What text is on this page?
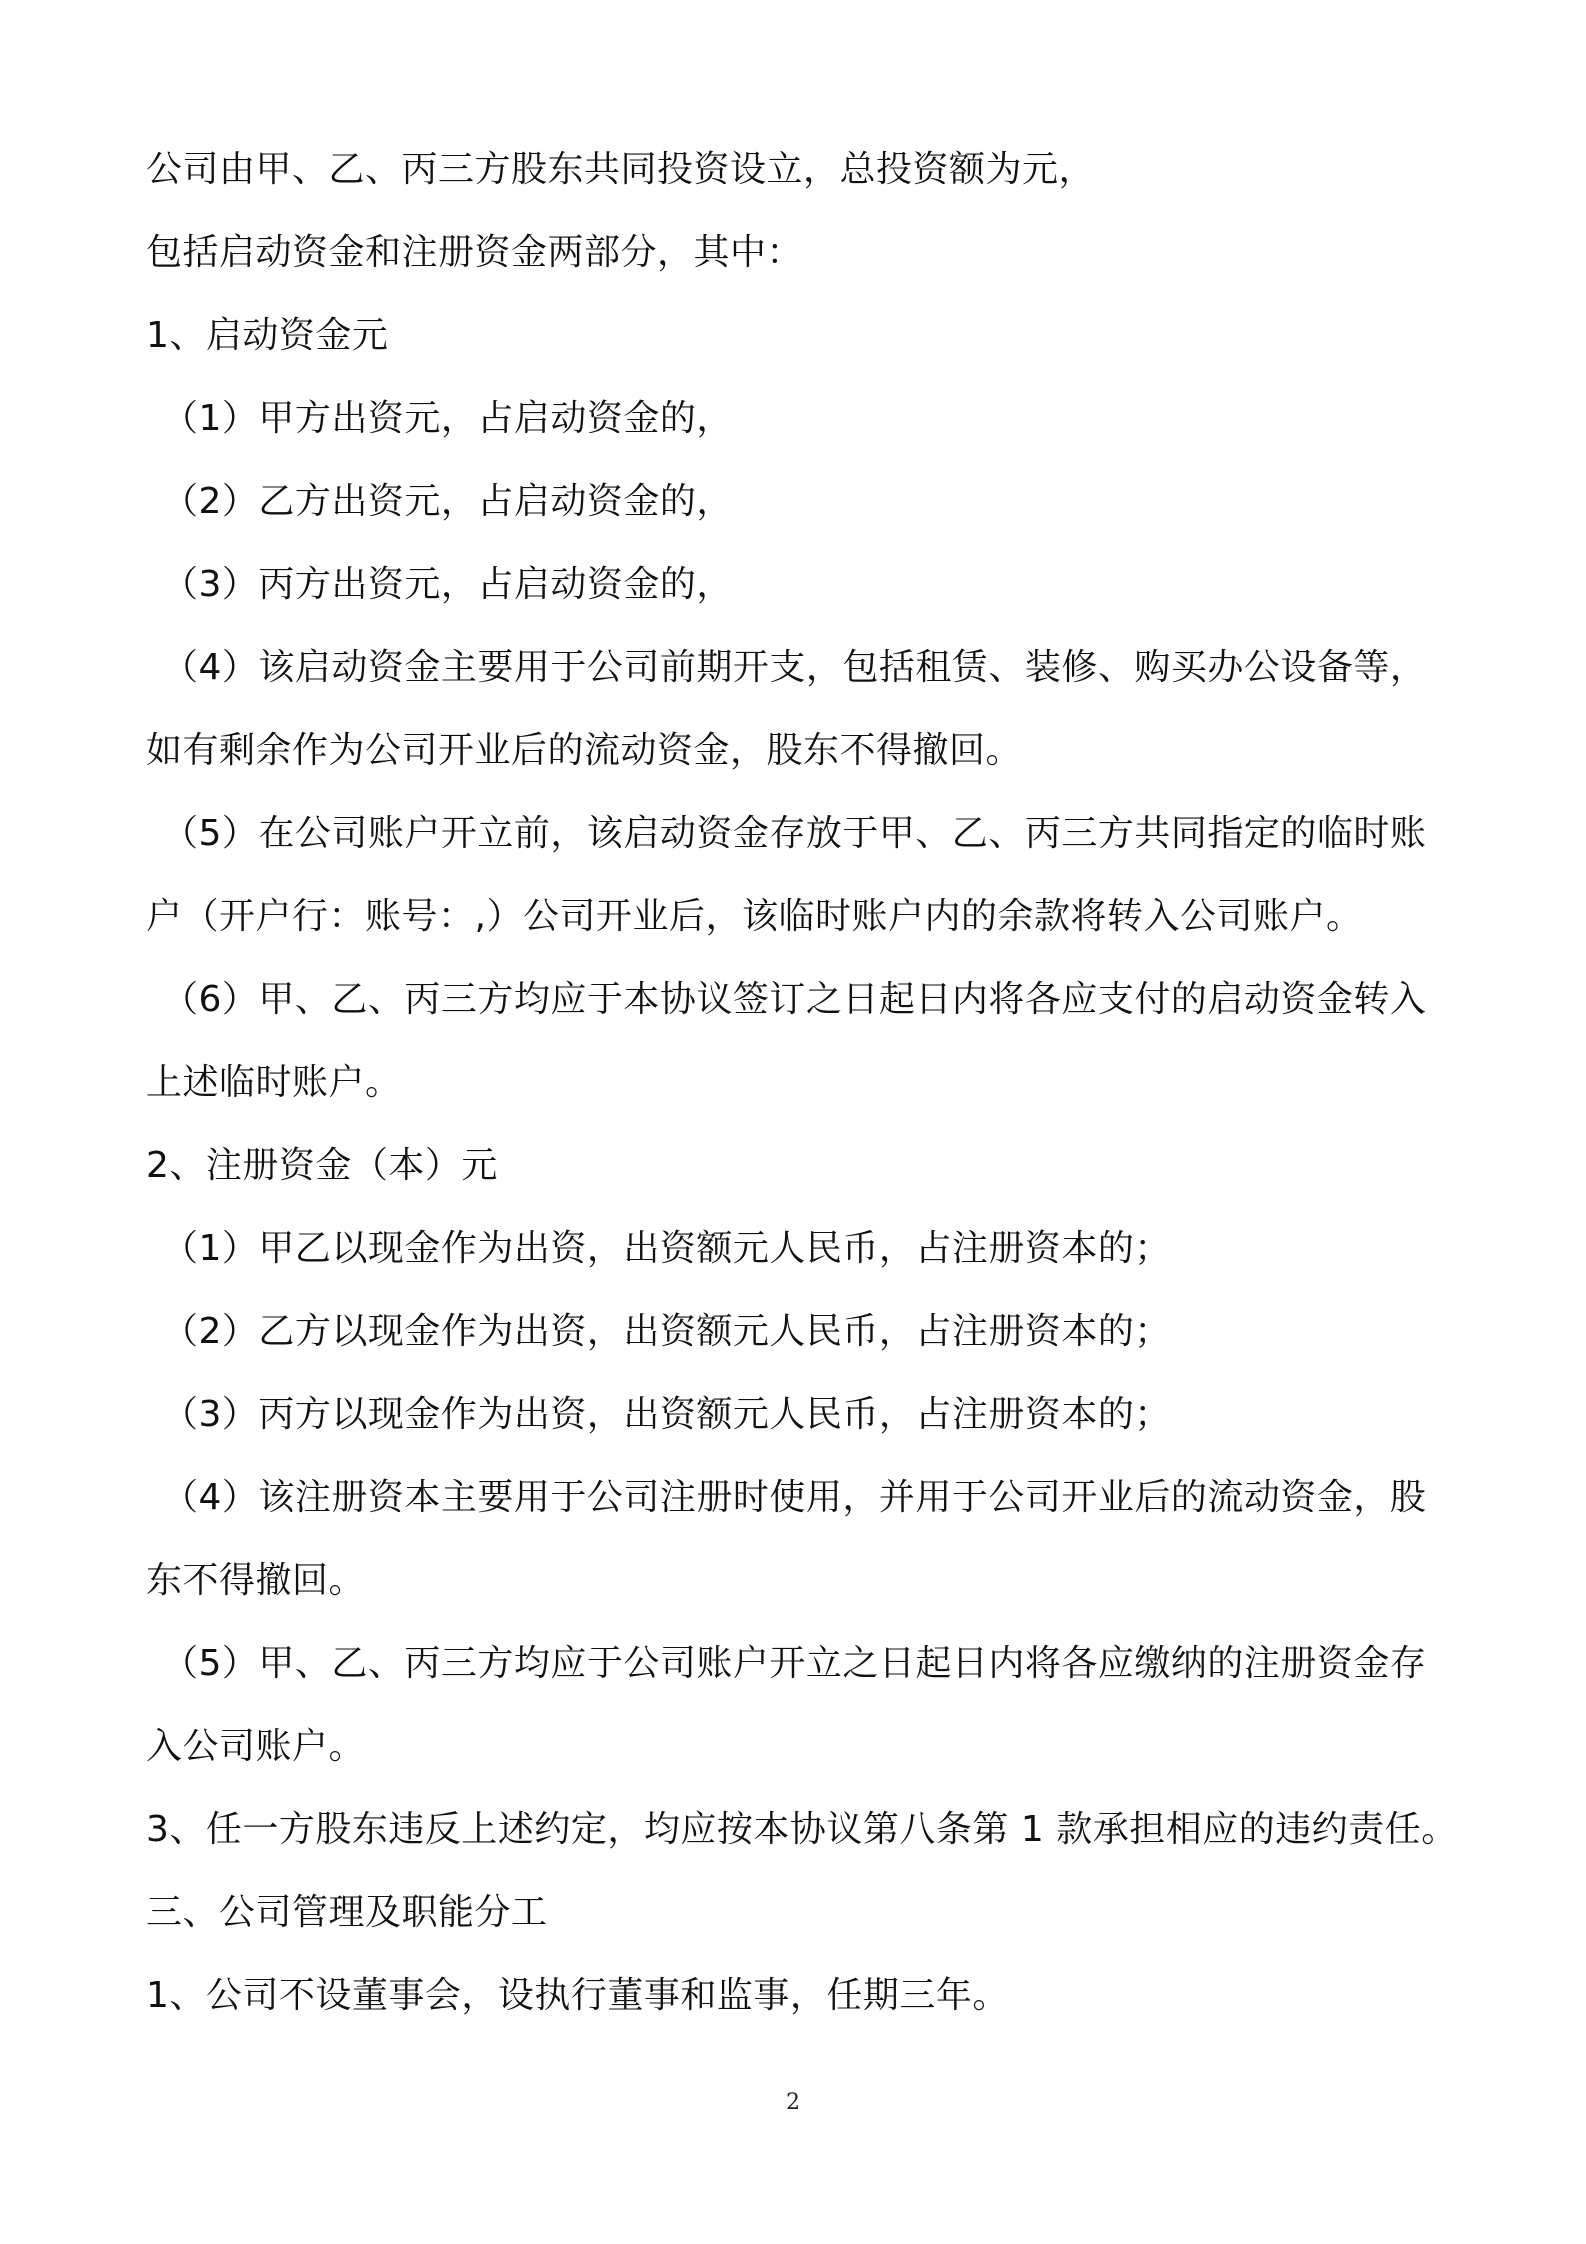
公司由甲、乙、丙三方股东共同投资设立，总投资额为元，
包括启动资金和注册资金两部分，其中：
1、启动资金元
（1）甲方出资元，占启动资金的，
（2）乙方出资元，占启动资金的，
（3）丙方出资元，占启动资金的，
（4）该启动资金主要用于公司前期开支，包括租赁、装修、购买办公设备等，
如有剩余作为公司开业后的流动资金，股东不得撤回。
（5）在公司账户开立前，该启动资金存放于甲、乙、丙三方共同指定的临时账
户（开户行：账号：,）公司开业后，该临时账户内的余款将转入公司账户。
（6）甲、乙、丙三方均应于本协议签订之日起日内将各应支付的启动资金转入
上述临时账户。
2、注册资金（本）元
（1）甲乙以现金作为出资，出资额元人民币，占注册资本的；
（2）乙方以现金作为出资，出资额元人民币，占注册资本的；
（3）丙方以现金作为出资，出资额元人民币，占注册资本的；
（4）该注册资本主要用于公司注册时使用，并用于公司开业后的流动资金，股
东不得撤回。
（5）甲、乙、丙三方均应于公司账户开立之日起日内将各应缴纳的注册资金存
入公司账户。
3、任一方股东违反上述约定，均应按本协议第八条第 1 款承担相应的违约责任。
三、公司管理及职能分工
1、公司不设董事会，设执行董事和监事，任期三年。
2
